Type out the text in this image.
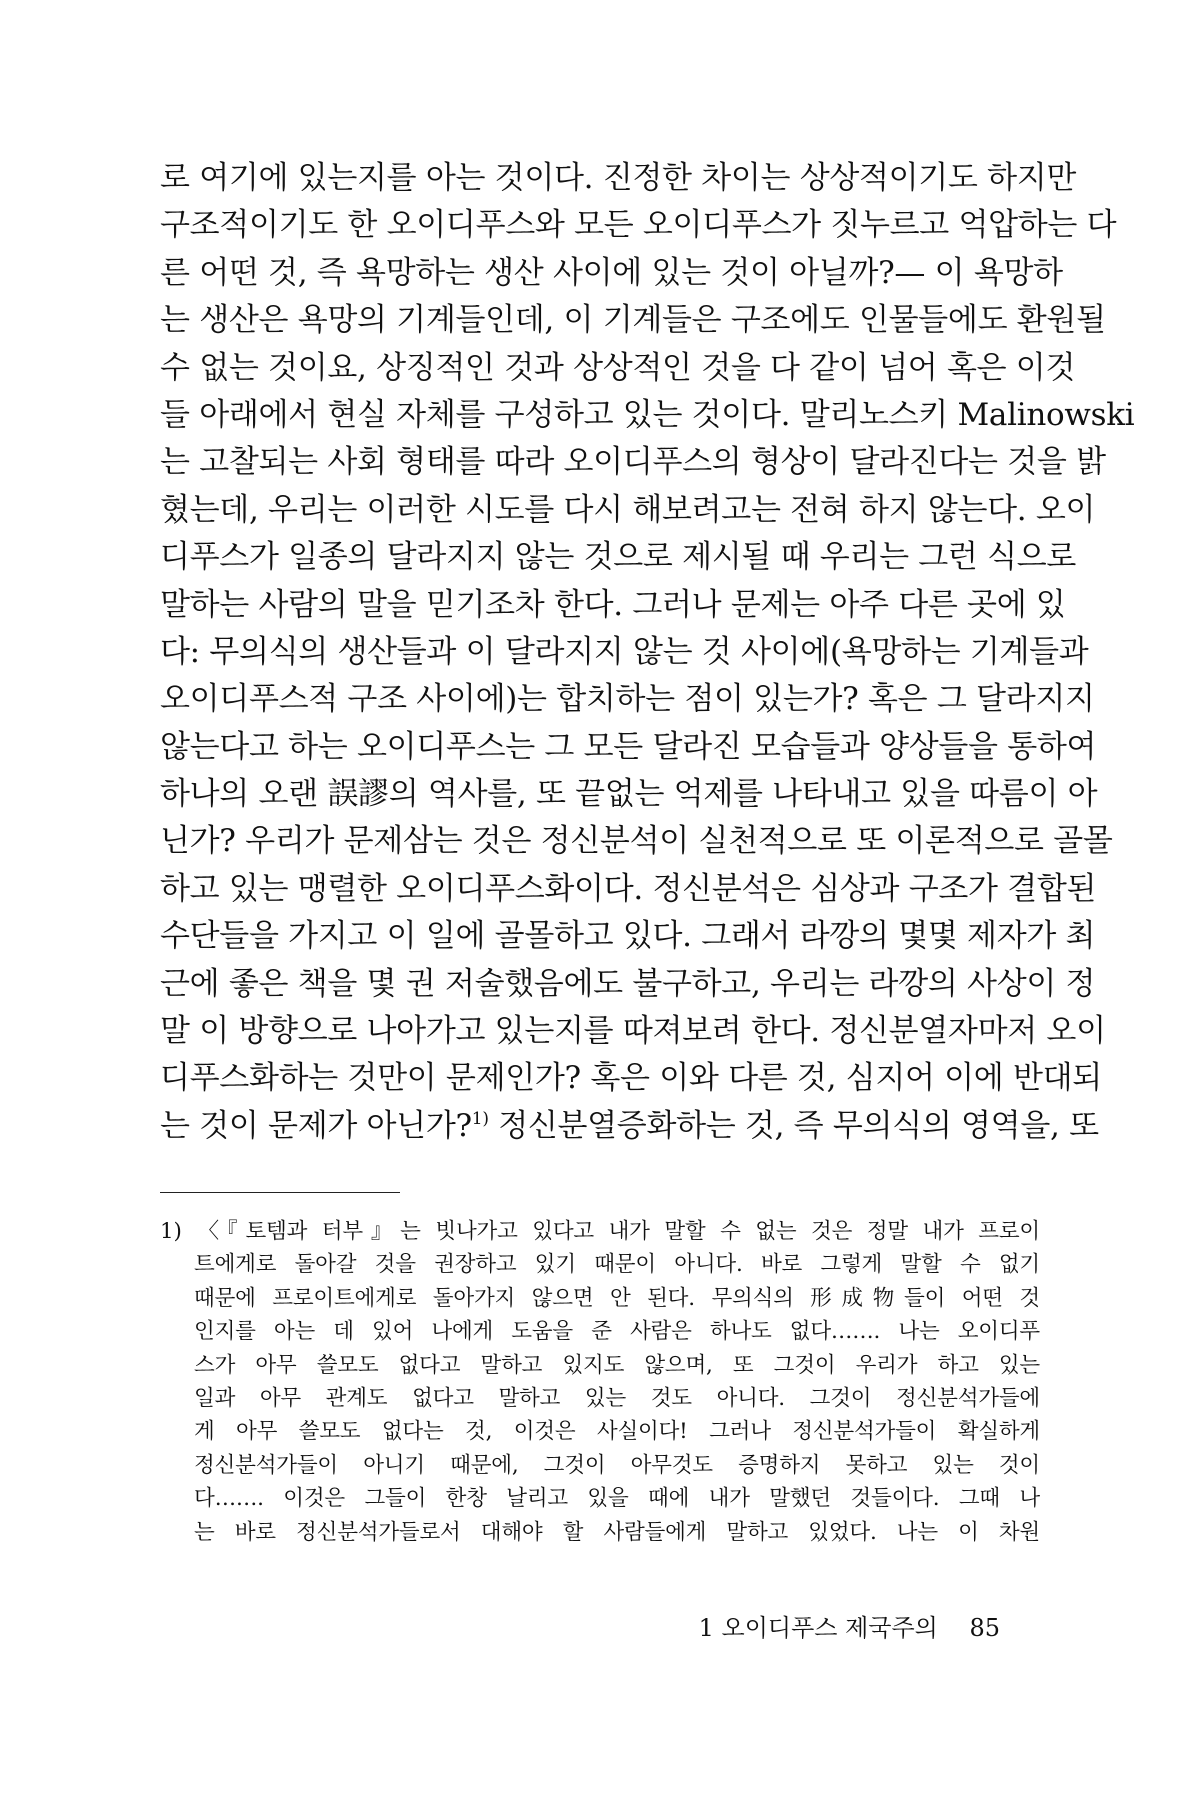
로 여기에 있는지를 아는 것이다. 진정한 차이는 상상적이기도 하지만
구조적이기도 한 오이디푸스와 모든 오이디푸스가 짓누르고 억압하는 다
른 어떤 것, 즉 욕망하는 생산 사이에 있는 것이 아닐까?— 이 욕망하
는 생산은 욕망의 기계들인데, 이 기계들은 구조에도 인물들에도 환원될
수 없는 것이요, 상징적인 것과 상상적인 것을 다 같이 넘어 혹은 이것
들 아래에서 현실 자체를 구성하고 있는 것이다. 말리노스키 Malinowski
는 고찰되는 사회 형태를 따라 오이디푸스의 형상이 달라진다는 것을 밝
혔는데, 우리는 이러한 시도를 다시 해보려고는 전혀 하지 않는다. 오이
디푸스가 일종의 달라지지 않는 것으로 제시될 때 우리는 그런 식으로
말하는 사람의 말을 믿기조차 한다. 그러나 문제는 아주 다른 곳에 있
다: 무의식의 생산들과 이 달라지지 않는 것 사이에(욕망하는 기계들과
오이디푸스적 구조 사이에)는 합치하는 점이 있는가? 혹은 그 달라지지
않는다고 하는 오이디푸스는 그 모든 달라진 모습들과 양상들을 통하여
하나의 오랜 誤謬의 역사를, 또 끝없는 억제를 나타내고 있을 따름이 아
닌가? 우리가 문제삼는 것은 정신분석이 실천적으로 또 이론적으로 골몰
하고 있는 맹렬한 오이디푸스화이다. 정신분석은 심상과 구조가 결합된
수단들을 가지고 이 일에 골몰하고 있다. 그래서 라깡의 몇몇 제자가 최
근에 좋은 책을 몇 권 저술했음에도 불구하고, 우리는 라깡의 사상이 정
말 이 방향으로 나아가고 있는지를 따져보려 한다. 정신분열자마저 오이
디푸스화하는 것만이 문제인가? 혹은 이와 다른 것, 심지어 이에 반대되
는 것이 문제가 아닌가?$^{1)}$ 정신분열증화하는 것, 즉 무의식의 영역을, 또
1) 〈『토템과 터부』는 빗나가고 있다고 내가 말할 수 없는 것은 정말 내가 프로이
트에게로 돌아갈 것을 권장하고 있기 때문이 아니다. 바로 그렇게 말할 수 없기
때문에 프로이트에게로 돌아가지 않으면 안 된다. 무의식의 形成物들이 어떤 것
인지를 아는 데 있어 나에게 도움을 준 사람은 하나도 없다……. 나는 오이디푸
스가 아무 쓸모도 없다고 말하고 있지도 않으며, 또 그것이 우리가 하고 있는
일과 아무 관계도 없다고 말하고 있는 것도 아니다. 그것이 정신분석가들에
게 아무 쓸모도 없다는 것, 이것은 사실이다! 그러나 정신분석가들이 확실하게
정신분석가들이 아니기 때문에, 그것이 아무것도 증명하지 못하고 있는 것이
다……. 이것은 그들이 한창 날리고 있을 때에 내가 말했던 것들이다. 그때 나
는 바로 정신분석가들로서 대해야 할 사람들에게 말하고 있었다. 나는 이 차원
1 오이디푸스 제국주의 85
